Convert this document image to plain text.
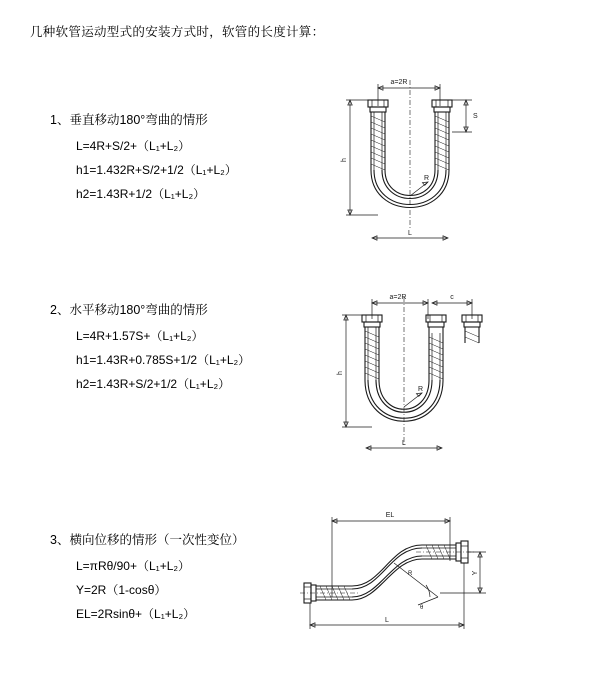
几种软管运动型式的安装方式时，软管的长度计算：
1、垂直移动180°弯曲的情形
L=4R+S/2+（L₁+L₂）
h1=1.432R+S/2+1/2（L₁+L₂）
h2=1.43R+1/2（L₁+L₂）
2、水平移动180°弯曲的情形
L=4R+1.57S+（L₁+L₂）
h1=1.43R+0.785S+1/2（L₁+L₂）
h2=1.43R+S/2+1/2（L₁+L₂）
3、横向位移的情形（一次性变位）
L=πRθ/90+（L₁+L₂）
Y=2R（1-cosθ）
EL=2Rsinθ+（L₁+L₂）
a=2R
h
S
R
L
a=2R	c
h
R
L
EL
Y
θ
R
L
